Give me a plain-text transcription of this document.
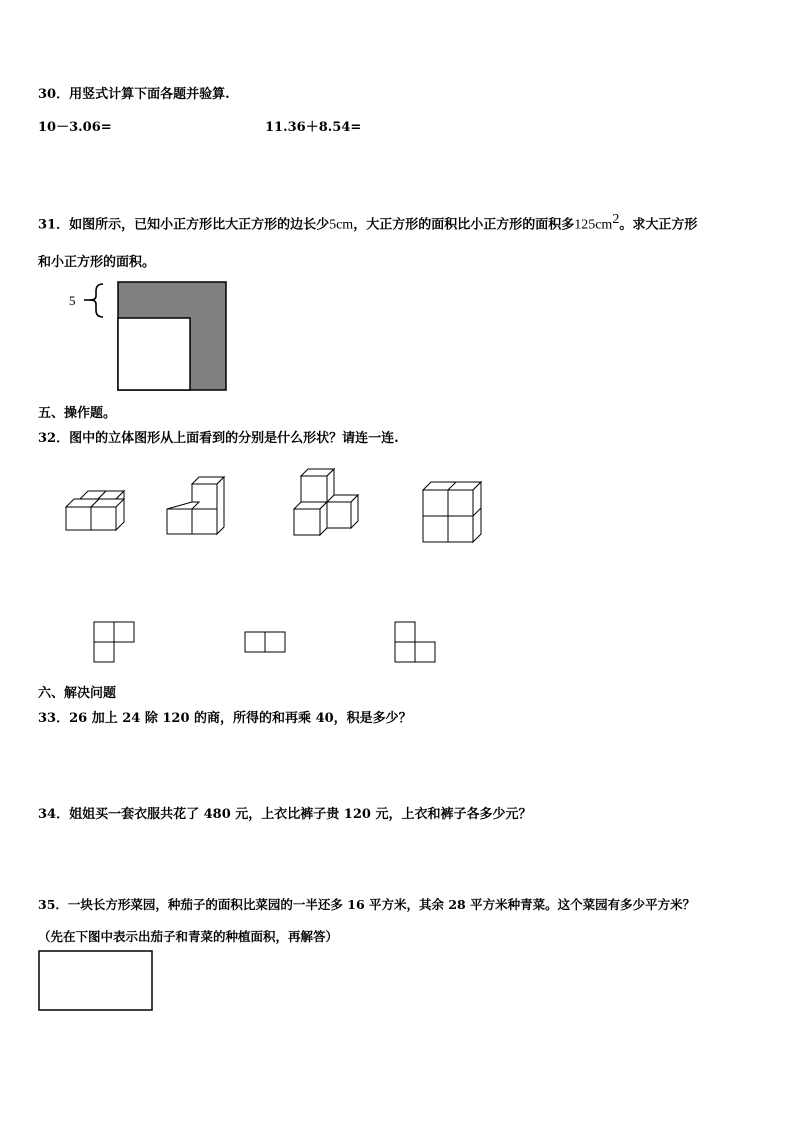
30．用竖式计算下面各题并验算.
10－3.06=	11.36＋8.54=
31．如图所示，已知小正方形比大正方形的边长少5cm，大正方形的面积比小正方形的面积多$125cm^2$。求大正方形
和小正方形的面积。
5
五、操作题。
32．图中的立体图形从上面看到的分别是什么形状？请连一连.
六、解决问题
33．26 加上 24 除 120 的商，所得的和再乘 40，积是多少？
34．姐姐买一套衣服共花了 480 元，上衣比裤子贵 120 元，上衣和裤子各多少元？
35．一块长方形菜园，种茄子的面积比菜园的一半还多 16 平方米，其余 28 平方米种青菜。这个菜园有多少平方米？
（先在下图中表示出茄子和青菜的种植面积，再解答）
